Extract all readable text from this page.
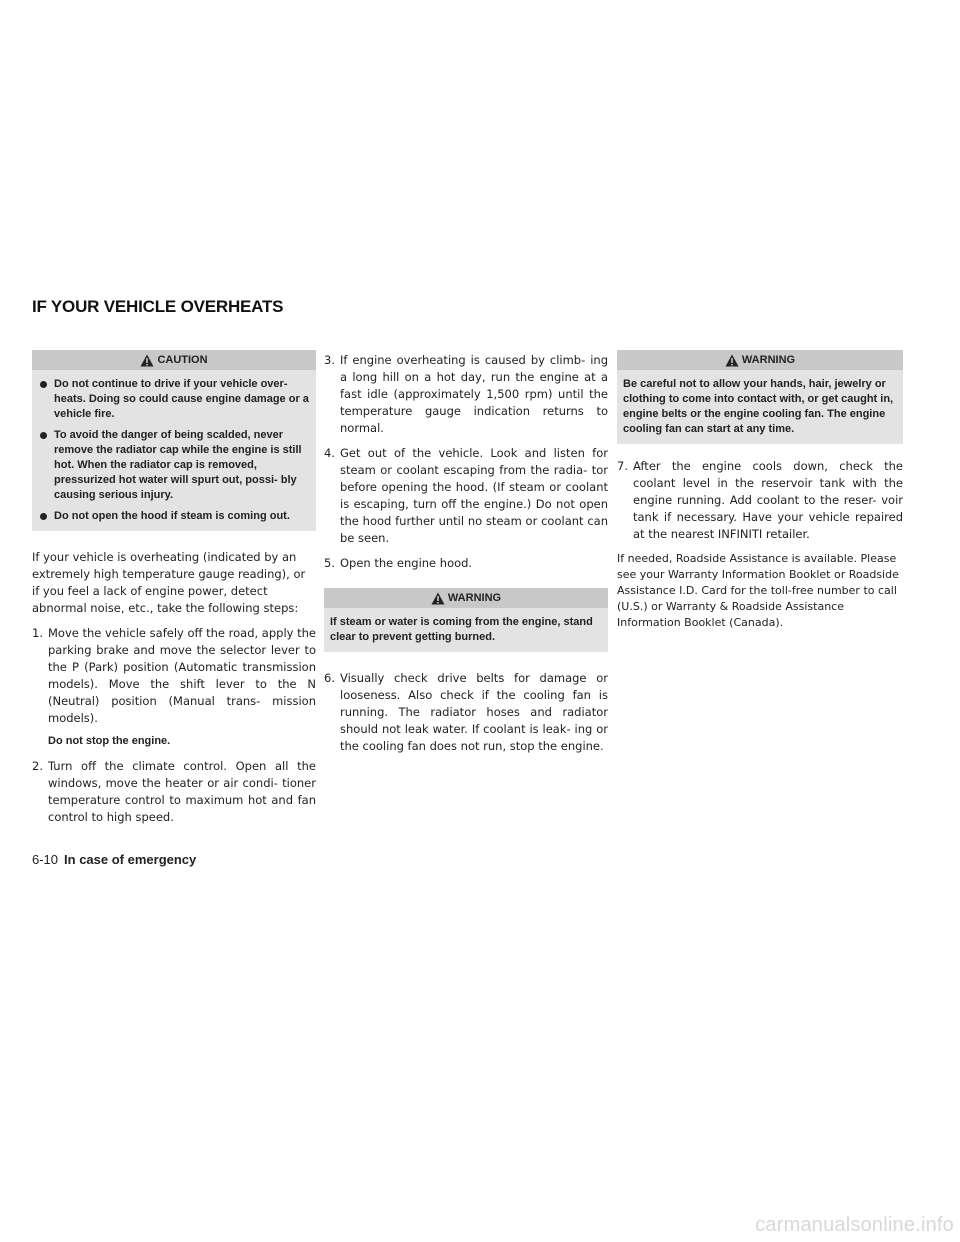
IF YOUR VEHICLE OVERHEATS
CAUTION
Do not continue to drive if your vehicle over- heats. Doing so could cause engine damage or a vehicle fire.
To avoid the danger of being scalded, never remove the radiator cap while the engine is still hot. When the radiator cap is removed, pressurized hot water will spurt out, possi- bly causing serious injury.
Do not open the hood if steam is coming out.

If your vehicle is overheating (indicated by an extremely high temperature gauge reading), or if you feel a lack of engine power, detect abnormal noise, etc., take the following steps:

1. Move the vehicle safely off the road, apply the parking brake and move the selector lever to the P (Park) position (Automatic transmission models). Move the shift lever to the N (Neutral) position (Manual trans- mission models).
Do not stop the engine.
2. Turn off the climate control. Open all the windows, move the heater or air condi- tioner temperature control to maximum hot and fan control to high speed.
3. If engine overheating is caused by climb- ing a long hill on a hot day, run the engine at a fast idle (approximately 1,500 rpm) until the temperature gauge indication returns to normal.
4. Get out of the vehicle. Look and listen for steam or coolant escaping from the radia- tor before opening the hood. (If steam or coolant is escaping, turn off the engine.) Do not open the hood further until no steam or coolant can be seen.
5. Open the engine hood.
WARNING

If steam or water is coming from the engine, stand clear to prevent getting burned.

6. Visually check drive belts for damage or looseness. Also check if the cooling fan is running. The radiator hoses and radiator should not leak water. If coolant is leak- ing or the cooling fan does not run, stop the engine.
WARNING

Be careful not to allow your hands, hair, jewelry or clothing to come into contact with, or get caught in, engine belts or the engine cooling fan. The engine cooling fan can start at any time.

7. After the engine cools down, check the coolant level in the reservoir tank with the engine running. Add coolant to the reser- voir tank if necessary. Have your vehicle repaired at the nearest INFINITI retailer.

If needed, Roadside Assistance is available. Please see your Warranty Information Booklet or Roadside Assistance I.D. Card for the toll-free number to call (U.S.) or Warranty & Roadside Assistance Information Booklet (Canada).

6-10 In case of emergency
carmanualsonline.info
